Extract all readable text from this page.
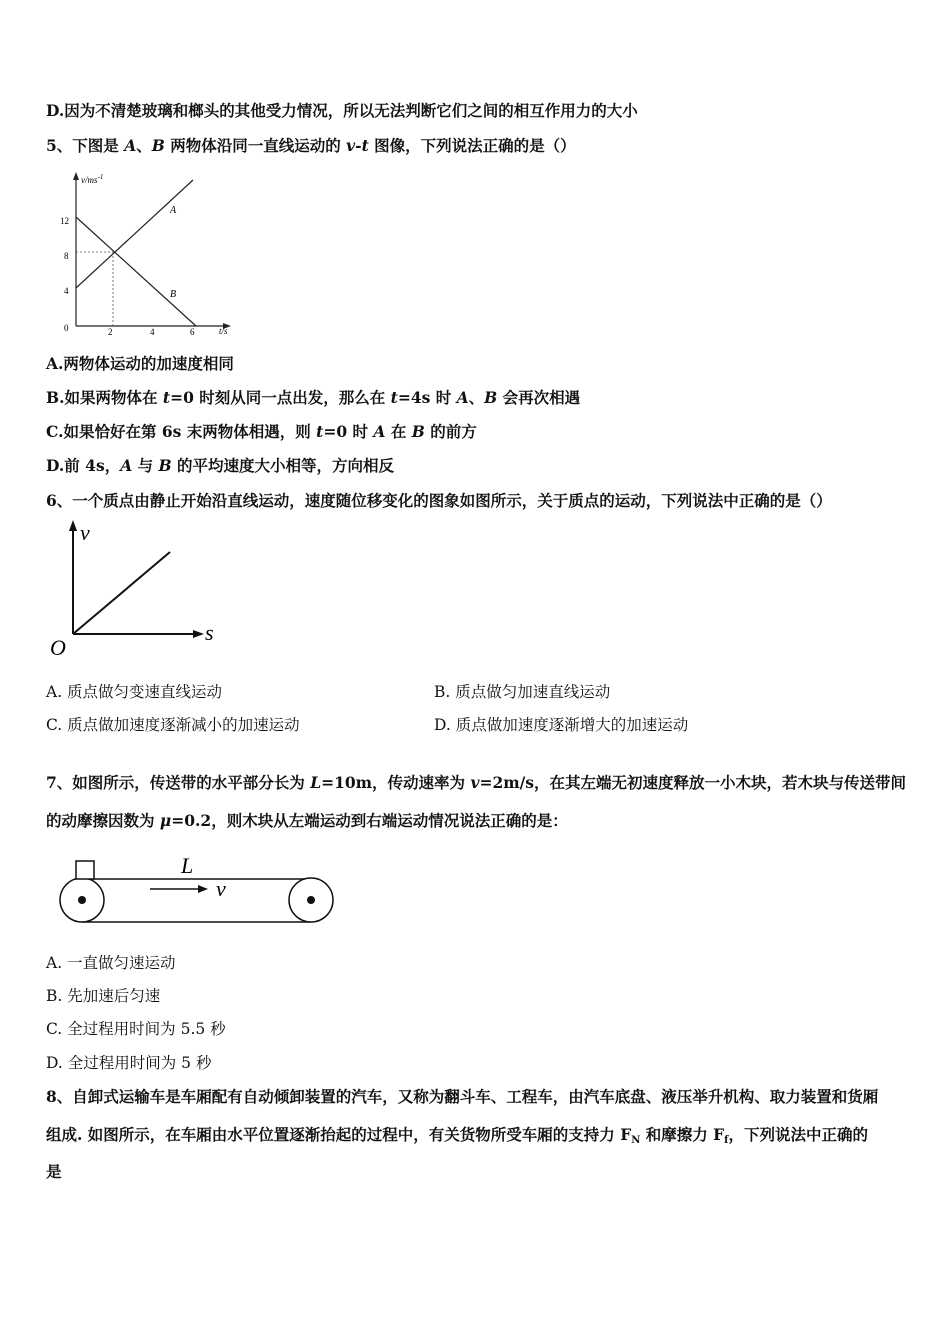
D.因为不清楚玻璃和榔头的其他受力情况，所以无法判断它们之间的相互作用力的大小
5、下图是 A、B 两物体沿同一直线运动的 v-t 图像，下列说法正确的是（）
$v/ms^{-1}$
t/s
0
12
8
4
2	4	6
A
B
A.两物体运动的加速度相同
B.如果两物体在 t=0 时刻从同一点出发，那么在 t=4s 时 A、B 会再次相遇
C.如果恰好在第 6s 末两物体相遇，则 t=0 时 A 在 B 的前方
D.前 4s，A 与 B 的平均速度大小相等，方向相反
6、一个质点由静止开始沿直线运动，速度随位移变化的图象如图所示，关于质点的运动，下列说法中正确的是（）
v
s
O
A. 质点做匀变速直线运动	B. 质点做匀加速直线运动
C. 质点做加速度逐渐减小的加速运动	D. 质点做加速度逐渐增大的加速运动
7、如图所示，传送带的水平部分长为 L=10m，传动速率为 v=2m/s，在其左端无初速度释放一小木块，若木块与传送带间
的动摩擦因数为 μ=0.2，则木块从左端运动到右端运动情况说法正确的是：
L
v
A. 一直做匀速运动
B. 先加速后匀速
C. 全过程用时间为 5.5 秒
D. 全过程用时间为 5 秒
8、自卸式运输车是车厢配有自动倾卸装置的汽车，又称为翻斗车、工程车，由汽车底盘、液压举升机构、取力装置和货厢
组成. 如图所示，在车厢由水平位置逐渐抬起的过程中，有关货物所受车厢的支持力 $F_N$ 和摩擦力 $F_f$，下列说法中正确的
是
